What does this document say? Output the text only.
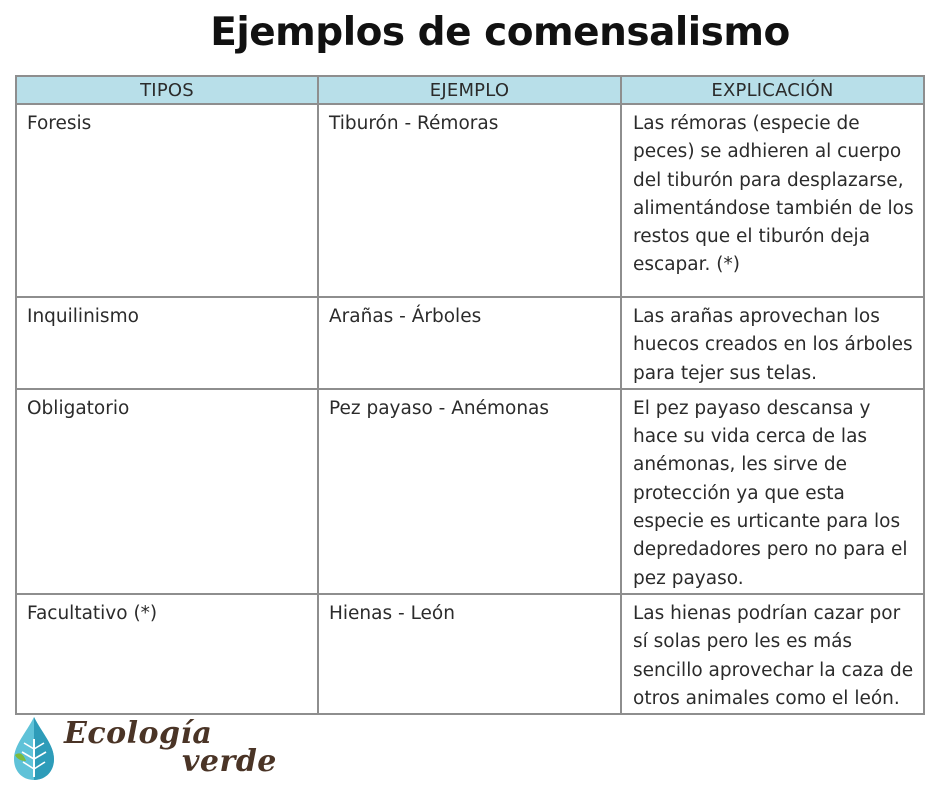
Ejemplos de comensalismo
TIPOS	EJEMPLO	EXPLICACIÓN
Foresis	Tiburón - Rémoras	Las rémoras (especie de peces) se adhieren al cuerpo del tiburón para desplazarse, alimentándose también de los restos que el tiburón deja escapar. (*)
Inquilinismo	Arañas - Árboles	Las arañas aprovechan los huecos creados en los árboles para tejer sus telas.
Obligatorio	Pez payaso - Anémonas	El pez payaso descansa y hace su vida cerca de las anémonas, les sirve de protección ya que esta especie es urticante para los depredadores pero no para el pez payaso.
Facultativo (*)	Hienas - León	Las hienas podrían cazar por sí solas pero les es más sencillo aprovechar la caza de otros animales como el león.
Ecología
verde
